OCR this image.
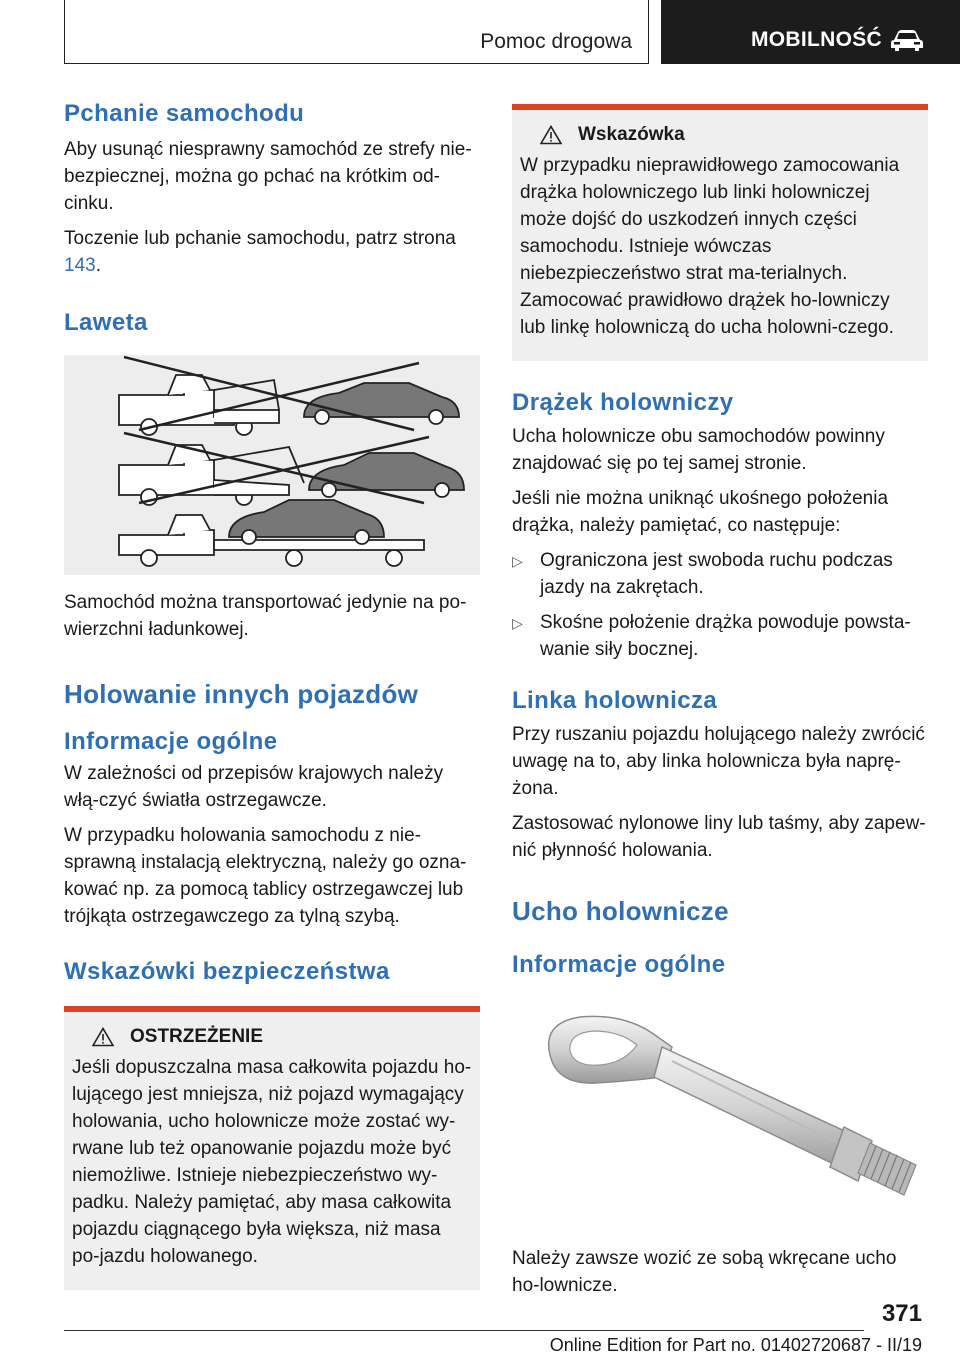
Pomoc drogowa	MOBILNOŚĆ
Pchanie samochodu

Aby usunąć niesprawny samochód ze strefy nie-bezpiecznej, można go pchać na krótkim od-cinku.

Toczenie lub pchanie samochodu, patrz strona 143.

Laweta

Samochód można transportować jedynie na po-wierzchni ładunkowej.

Holowanie innych pojazdów
Informacje ogólne

W zależności od przepisów krajowych należy włą-czyć światła ostrzegawcze.

W przypadku holowania samochodu z nie-sprawną instalacją elektryczną, należy go ozna-kować np. za pomocą tablicy ostrzegawczej lub trójkąta ostrzegawczego za tylną szybą.

Wskazówki bezpieczeństwa
OSTRZEŻENIE

Jeśli dopuszczalna masa całkowita pojazdu ho-lującego jest mniejsza, niż pojazd wymagający holowania, ucho holownicze może zostać wy-rwane lub też opanowanie pojazdu może być niemożliwe. Istnieje niebezpieczeństwo wy-padku. Należy pamiętać, aby masa całkowita pojazdu ciągnącego była większa, niż masa po-jazdu holowanego.

Wskazówka

W przypadku nieprawidłowego zamocowania drążka holowniczego lub linki holowniczej może dojść do uszkodzeń innych części samochodu. Istnieje wówczas niebezpieczeństwo strat ma-terialnych. Zamocować prawidłowo drążek ho-lowniczy lub linkę holowniczą do ucha holowni-czego.

Drążek holowniczy

Ucha holownicze obu samochodów powinny znajdować się po tej samej stronie.

Jeśli nie można uniknąć ukośnego położenia drążka, należy pamiętać, co następuje:

▷ Ograniczona jest swoboda ruchu podczas jazdy na zakrętach.
▷ Skośne położenie drążka powoduje powsta-wanie siły bocznej.
Linka holownicza

Przy ruszaniu pojazdu holującego należy zwrócić uwagę na to, aby linka holownicza była naprę-żona.

Zastosować nylonowe liny lub taśmy, aby zapew-nić płynność holowania.

Ucho holownicze
Informacje ogólne

Należy zawsze wozić ze sobą wkręcane ucho ho-lownicze.

371
Online Edition for Part no. 01402720687 - II/19
